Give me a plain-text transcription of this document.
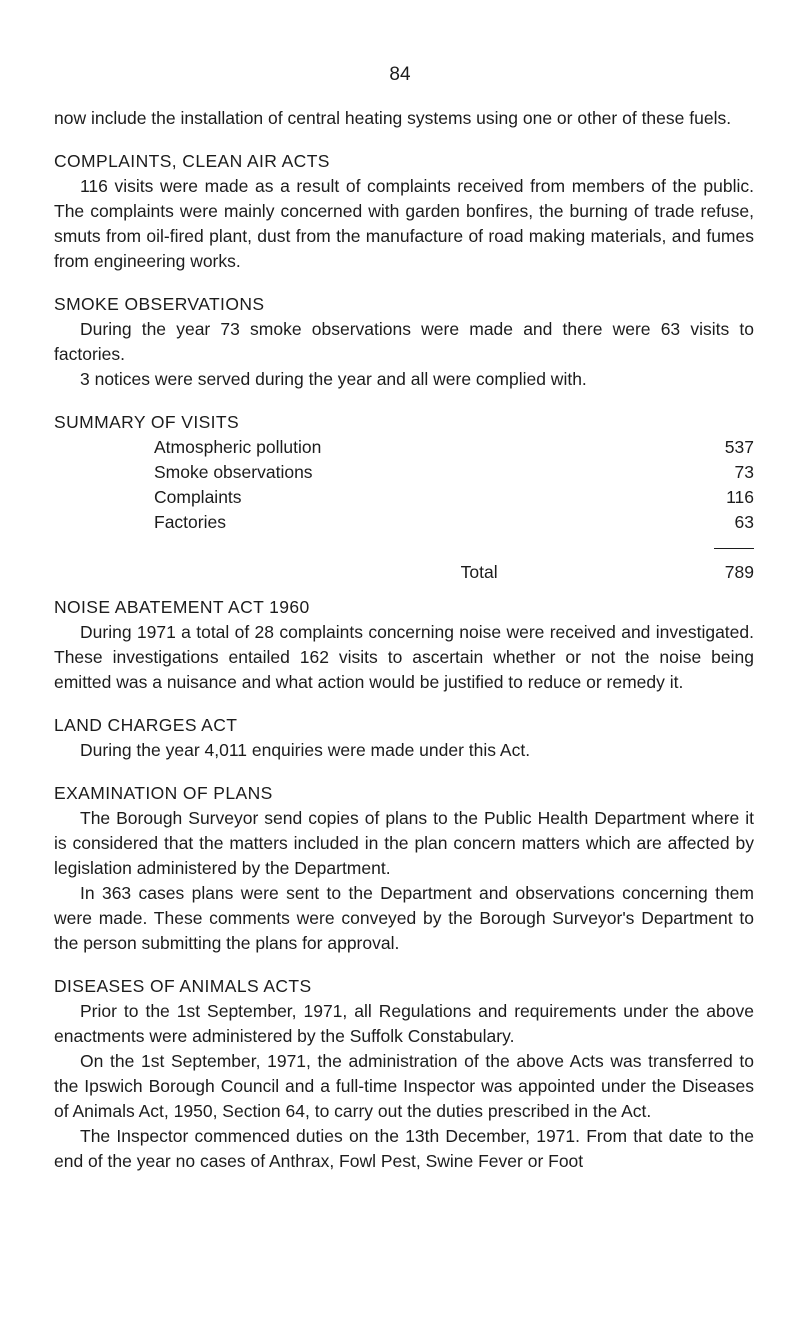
84

now include the installation of central heating systems using one or other of these fuels.

COMPLAINTS, CLEAN AIR ACTS

116 visits were made as a result of complaints received from members of the public. The complaints were mainly concerned with garden bonfires, the burning of trade refuse, smuts from oil-fired plant, dust from the manufacture of road making materials, and fumes from engineering works.

SMOKE OBSERVATIONS

During the year 73 smoke observations were made and there were 63 visits to factories.

3 notices were served during the year and all were complied with.

SUMMARY OF VISITS
Atmospheric pollution	537
Smoke observations	73
Complaints	116
Factories	63

Total	789
NOISE ABATEMENT ACT 1960

During 1971 a total of 28 complaints concerning noise were received and investigated. These investigations entailed 162 visits to ascertain whether or not the noise being emitted was a nuisance and what action would be justified to reduce or remedy it.

LAND CHARGES ACT

During the year 4,011 enquiries were made under this Act.

EXAMINATION OF PLANS

The Borough Surveyor send copies of plans to the Public Health Department where it is considered that the matters included in the plan concern matters which are affected by legislation administered by the Department.

In 363 cases plans were sent to the Department and observations concerning them were made. These comments were conveyed by the Borough Surveyor's Department to the person submitting the plans for approval.

DISEASES OF ANIMALS ACTS

Prior to the 1st September, 1971, all Regulations and requirements under the above enactments were administered by the Suffolk Constabulary.

On the 1st September, 1971, the administration of the above Acts was transferred to the Ipswich Borough Council and a full-time Inspector was appointed under the Diseases of Animals Act, 1950, Section 64, to carry out the duties prescribed in the Act.

The Inspector commenced duties on the 13th December, 1971. From that date to the end of the year no cases of Anthrax, Fowl Pest, Swine Fever or Foot
